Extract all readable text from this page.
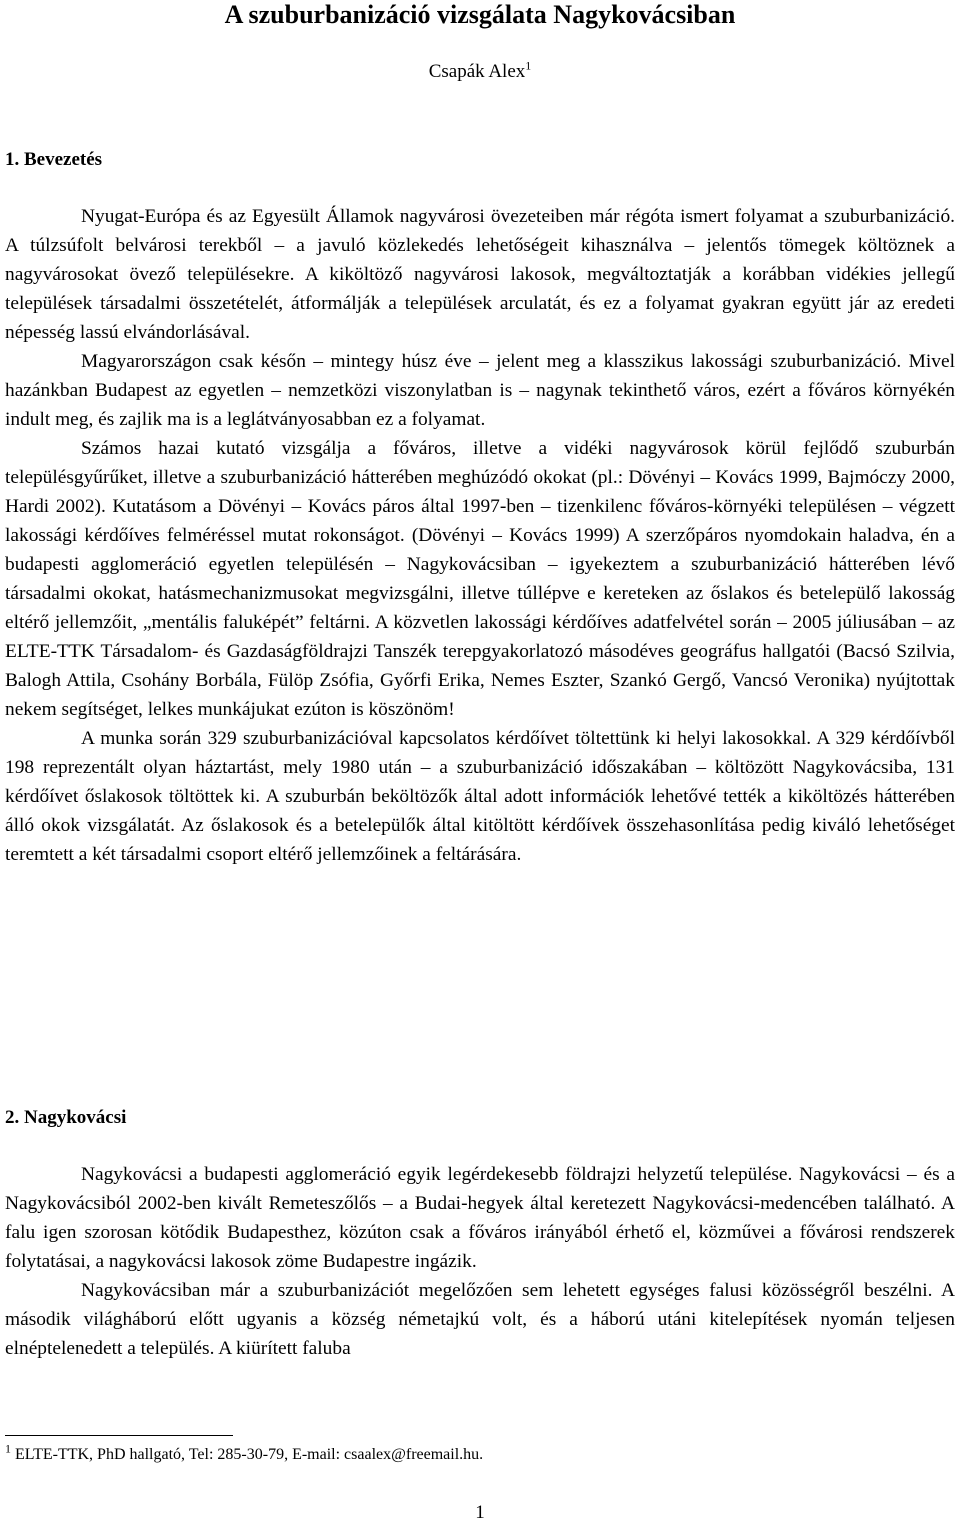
A szuburbanizáció vizsgálata Nagykovácsiban
Csapák Alex$^1$
1. Bevezetés

Nyugat-Európa és az Egyesült Államok nagyvárosi övezeteiben már régóta ismert folyamat a szuburbanizáció. A túlzsúfolt belvárosi terekből – a javuló közlekedés lehetőségeit kihasználva – jelentős tömegek költöznek a nagyvárosokat övező településekre. A kiköltöző nagyvárosi lakosok, megváltoztatják a korábban vidékies jellegű települések társadalmi összetételét, átformálják a települések arculatát, és ez a folyamat gyakran együtt jár az eredeti népesség lassú elvándorlásával.

Magyarországon csak későn – mintegy húsz éve – jelent meg a klasszikus lakossági szuburbanizáció. Mivel hazánkban Budapest az egyetlen – nemzetközi viszonylatban is – nagynak tekinthető város, ezért a főváros környékén indult meg, és zajlik ma is a leglátványosabban ez a folyamat.

Számos hazai kutató vizsgálja a főváros, illetve a vidéki nagyvárosok körül fejlődő szuburbán településgyűrűket, illetve a szuburbanizáció hátterében meghúzódó okokat (pl.: Dövényi – Kovács 1999, Bajmóczy 2000, Hardi 2002). Kutatásom a Dövényi – Kovács páros által 1997-ben – tizenkilenc főváros-környéki településen – végzett lakossági kérdőíves felméréssel mutat rokonságot. (Dövényi – Kovács 1999) A szerzőpáros nyomdokain haladva, én a budapesti agglomeráció egyetlen településén – Nagykovácsiban – igyekeztem a szuburbanizáció hátterében lévő társadalmi okokat, hatásmechanizmusokat megvizsgálni, illetve túllépve e kereteken az őslakos és betelepülő lakosság eltérő jellemzőit, „mentális faluképét” feltárni. A közvetlen lakossági kérdőíves adatfelvétel során – 2005 júliusában – az ELTE-TTK Társadalom- és Gazdaságföldrajzi Tanszék terepgyakorlatozó másodéves geográfus hallgatói (Bacsó Szilvia, Balogh Attila, Csohány Borbála, Fülöp Zsófia, Győrfi Erika, Nemes Eszter, Szankó Gergő, Vancsó Veronika) nyújtottak nekem segítséget, lelkes munkájukat ezúton is köszönöm!

A munka során 329 szuburbanizációval kapcsolatos kérdőívet töltettünk ki helyi lakosokkal. A 329 kérdőívből 198 reprezentált olyan háztartást, mely 1980 után – a szuburbanizáció időszakában – költözött Nagykovácsiba, 131 kérdőívet őslakosok töltöttek ki. A szuburbán beköltözők által adott információk lehetővé tették a kiköltözés hátterében álló okok vizsgálatát. Az őslakosok és a betelepülők által kitöltött kérdőívek összehasonlítása pedig kiváló lehetőséget teremtett a két társadalmi csoport eltérő jellemzőinek a feltárására.

2. Nagykovácsi

Nagykovácsi a budapesti agglomeráció egyik legérdekesebb földrajzi helyzetű települése. Nagykovácsi – és a Nagykovácsiból 2002-ben kivált Remeteszőlős – a Budai-hegyek által keretezett Nagykovácsi-medencében található. A falu igen szorosan kötődik Budapesthez, közúton csak a főváros irányából érhető el, közművei a fővárosi rendszerek folytatásai, a nagykovácsi lakosok zöme Budapestre ingázik.

Nagykovácsiban már a szuburbanizációt megelőzően sem lehetett egységes falusi közösségről beszélni. A második világháború előtt ugyanis a község németajkú volt, és a háború utáni kitelepítések nyomán teljesen elnéptelenedett a település. A kiürített faluba

$^1$ ELTE-TTK, PhD hallgató, Tel: 285-30-79, E-mail: csaalex@freemail.hu.
1
